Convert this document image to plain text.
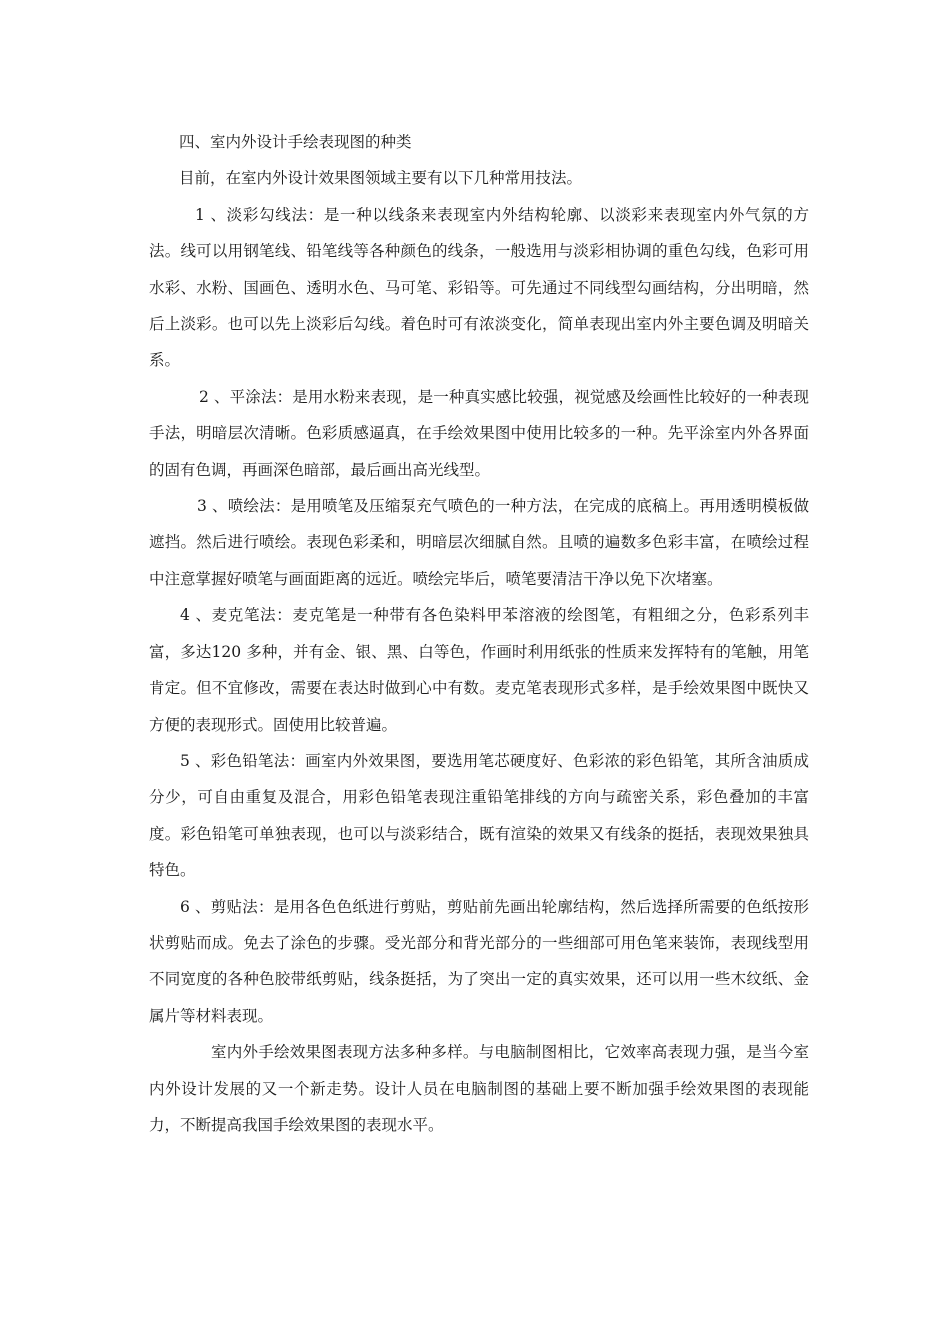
四、室内外设计手绘表现图的种类

目前，在室内外设计效果图领域主要有以下几种常用技法。

1 、淡彩勾线法：是一种以线条来表现室内外结构轮廓、以淡彩来表现室内外气氛的方法。线可以用钢笔线、铅笔线等各种颜色的线条，一般选用与淡彩相协调的重色勾线，色彩可用水彩、水粉、国画色、透明水色、马可笔、彩铅等。可先通过不同线型勾画结构，分出明暗，然后上淡彩。也可以先上淡彩后勾线。着色时可有浓淡变化，简单表现出室内外主要色调及明暗关系。

2 、平涂法：是用水粉来表现，是一种真实感比较强，视觉感及绘画性比较好的一种表现手法，明暗层次清晰。色彩质感逼真，在手绘效果图中使用比较多的一种。先平涂室内外各界面的固有色调，再画深色暗部，最后画出高光线型。

3 、喷绘法：是用喷笔及压缩泵充气喷色的一种方法，在完成的底稿上。再用透明模板做遮挡。然后进行喷绘。表现色彩柔和，明暗层次细腻自然。且喷的遍数多色彩丰富，在喷绘过程中注意掌握好喷笔与画面距离的远近。喷绘完毕后，喷笔要清洁干净以免下次堵塞。

4 、麦克笔法：麦克笔是一种带有各色染料甲苯溶液的绘图笔，有粗细之分，色彩系列丰富，多达120 多种，并有金、银、黑、白等色，作画时利用纸张的性质来发挥特有的笔触，用笔肯定。但不宜修改，需要在表达时做到心中有数。麦克笔表现形式多样，是手绘效果图中既快又方便的表现形式。固使用比较普遍。

5 、彩色铅笔法：画室内外效果图，要选用笔芯硬度好、色彩浓的彩色铅笔，其所含油质成分少，可自由重复及混合，用彩色铅笔表现注重铅笔排线的方向与疏密关系，彩色叠加的丰富度。彩色铅笔可单独表现，也可以与淡彩结合，既有渲染的效果又有线条的挺括，表现效果独具特色。

6 、剪贴法：是用各色色纸进行剪贴，剪贴前先画出轮廓结构，然后选择所需要的色纸按形状剪贴而成。免去了涂色的步骤。受光部分和背光部分的一些细部可用色笔来装饰，表现线型用不同宽度的各种色胶带纸剪贴，线条挺括，为了突出一定的真实效果，还可以用一些木纹纸、金属片等材料表现。

室内外手绘效果图表现方法多种多样。与电脑制图相比，它效率高表现力强，是当今室内外设计发展的又一个新走势。设计人员在电脑制图的基础上要不断加强手绘效果图的表现能力，不断提高我国手绘效果图的表现水平。
